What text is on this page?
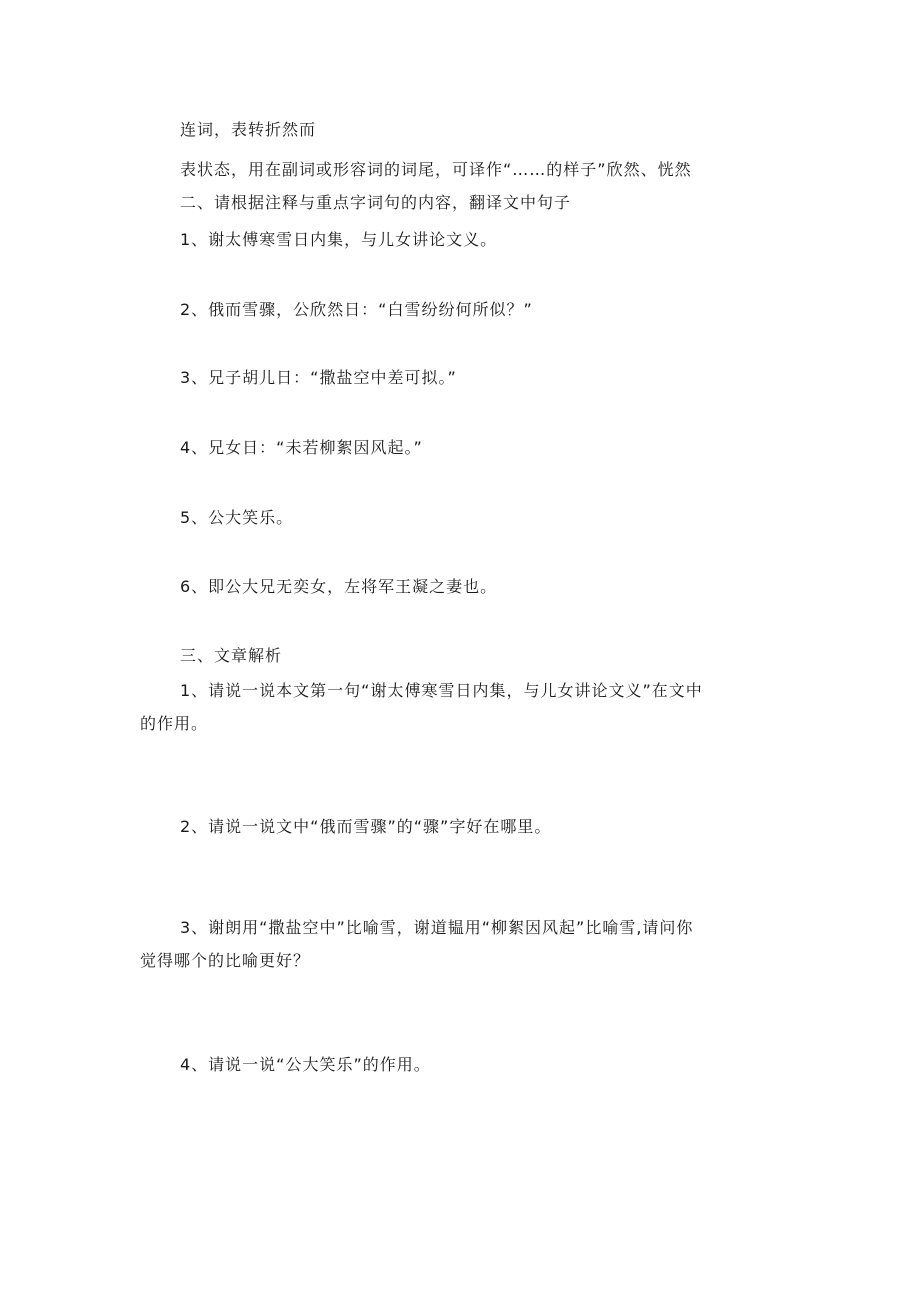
连词，表转折然而
表状态，用在副词或形容词的词尾，可译作“……的样子”欣然、恍然
二、请根据注释与重点字词句的内容，翻译文中句子
1、谢太傅寒雪日内集，与儿女讲论文义。
2、俄而雪骤，公欣然日：“白雪纷纷何所似？”
3、兄子胡儿日：“撒盐空中差可拟。”
4、兄女日：“未若柳絮因风起。”
5、公大笑乐。
6、即公大兄无奕女，左将军王凝之妻也。
三、文章解析
1、请说一说本文第一句“谢太傅寒雪日内集，与儿女讲论文义”在文中
的作用。
2、请说一说文中“俄而雪骤”的“骤”字好在哪里。
3、谢朗用“撒盐空中”比喻雪，谢道韫用“柳絮因风起”比喻雪,请问你
觉得哪个的比喻更好？
4、请说一说“公大笑乐”的作用。
